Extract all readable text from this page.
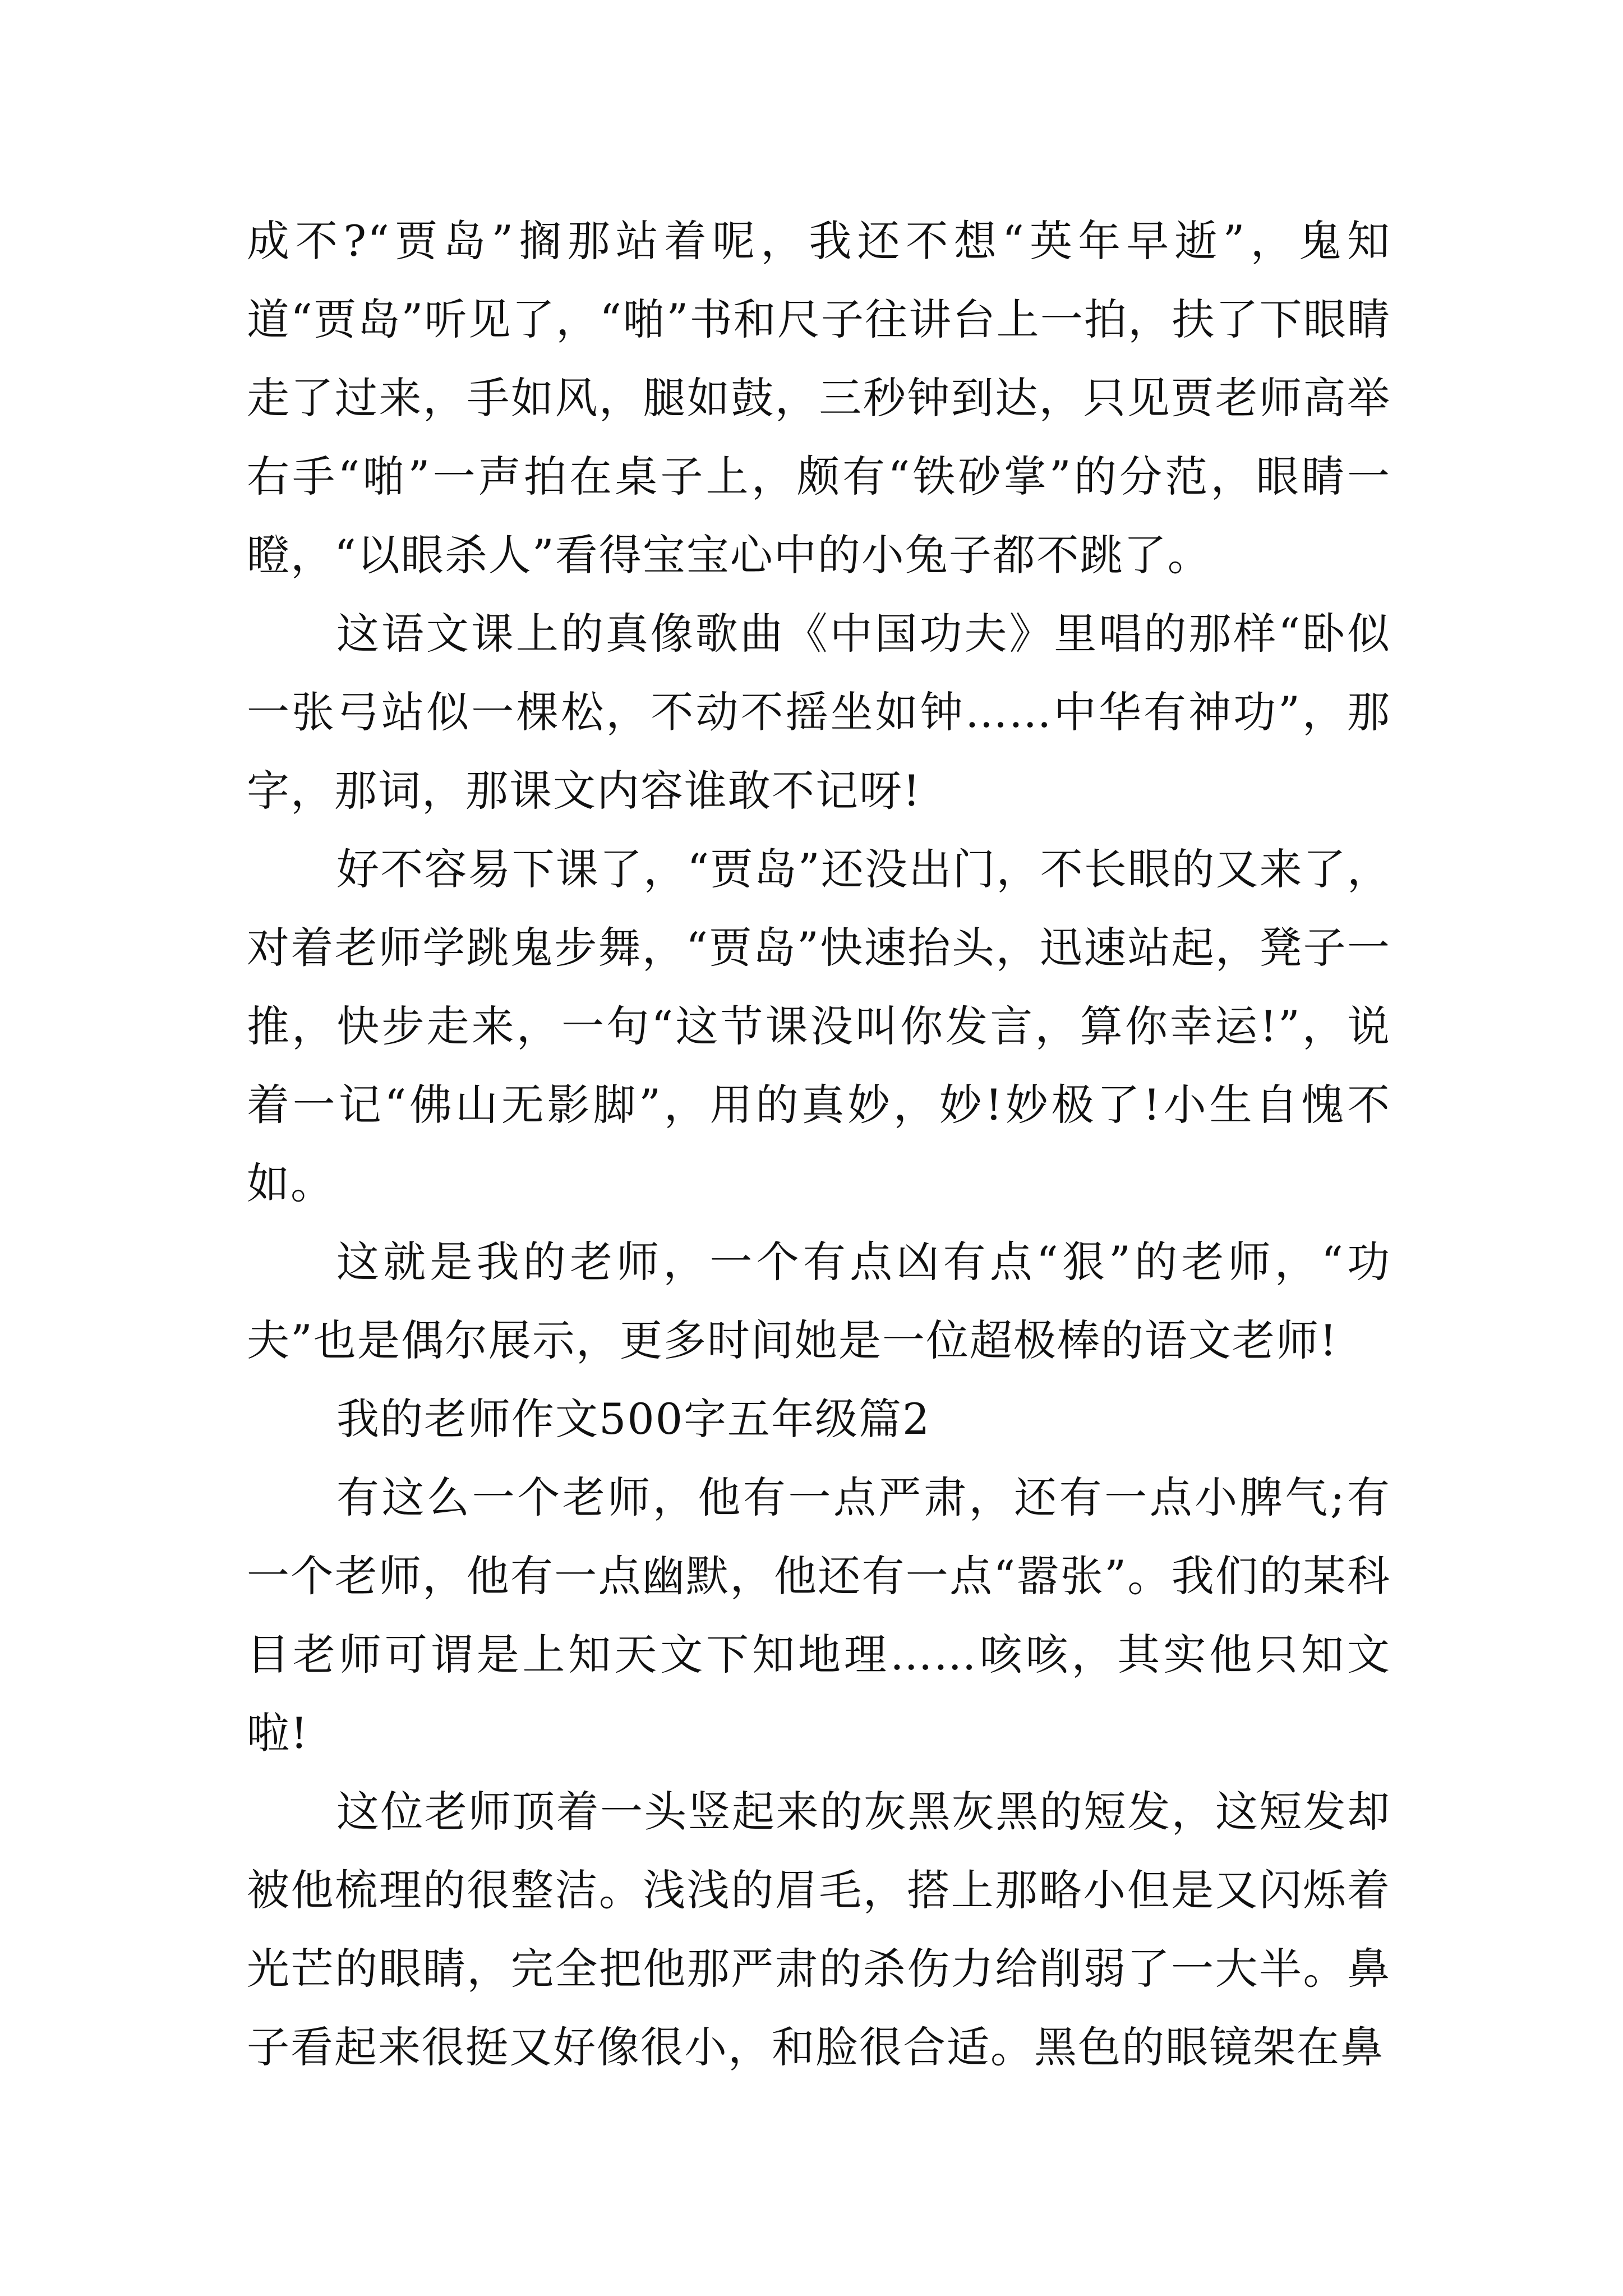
成不?“贾岛”搁那站着呢，我还不想“英年早逝”，鬼知道“贾岛”听见了，“啪”书和尺子往讲台上一拍，扶了下眼睛走了过来，手如风，腿如鼓，三秒钟到达，只见贾老师高举右手“啪”一声拍在桌子上，颇有“铁砂掌”的分范，眼睛一瞪，“以眼杀人”看得宝宝心中的小兔子都不跳了。

这语文课上的真像歌曲《中国功夫》里唱的那样“卧似一张弓站似一棵松，不动不摇坐如钟……中华有神功”，那字，那词，那课文内容谁敢不记呀!

好不容易下课了，“贾岛”还没出门，不长眼的又来了，对着老师学跳鬼步舞，“贾岛”快速抬头，迅速站起，凳子一推，快步走来，一句“这节课没叫你发言，算你幸运!”，说着一记“佛山无影脚”，用的真妙，妙!妙极了!小生自愧不如。

这就是我的老师，一个有点凶有点“狠”的老师，“功夫”也是偶尔展示，更多时间她是一位超极棒的语文老师!

我的老师作文500字五年级篇2

有这么一个老师，他有一点严肃，还有一点小脾气;有一个老师，他有一点幽默，他还有一点“嚣张”。我们的某科目老师可谓是上知天文下知地理……咳咳，其实他只知文啦!

这位老师顶着一头竖起来的灰黑灰黑的短发，这短发却被他梳理的很整洁。浅浅的眉毛，搭上那略小但是又闪烁着光芒的眼睛，完全把他那严肃的杀伤力给削弱了一大半。鼻子看起来很挺又好像很小，和脸很合适。黑色的眼镜架在鼻
